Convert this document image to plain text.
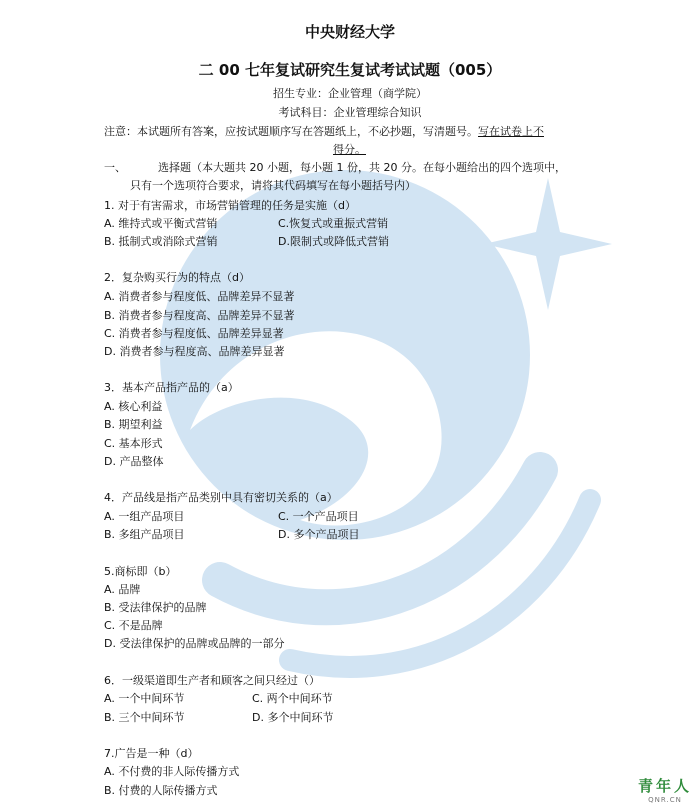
中央财经大学
二 00 七年复试研究生复试考试试题（005）
招生专业：企业管理（商学院）
考试科目：企业管理综合知识
注意：本试题所有答案，应按试题顺序写在答题纸上，不必抄题，写清题号。写在试卷上不
得分。
一、	选择题（本大题共 20 小题，每小题 1 份，共 20 分。在每小题给出的四个选项中，
只有一个选项符合要求，请将其代码填写在每小题括号内）
1. 对于有害需求，市场营销管理的任务是实施（d）
A. 维持式或平衡式营销	C.恢复式或重振式营销
B. 抵制式或消除式营销	D.限制式或降低式营销
2．复杂购买行为的特点（d）
A. 消费者参与程度低、品牌差异不显著
B. 消费者参与程度高、品牌差异不显著
C. 消费者参与程度低、品牌差异显著
D. 消费者参与程度高、品牌差异显著
3．基本产品指产品的（a）
A. 核心利益
B. 期望利益
C. 基本形式
D. 产品整体
4．产品线是指产品类别中具有密切关系的（a）
A. 一组产品项目	C. 一个产品项目
B. 多组产品项目	D. 多个产品项目
5.商标即（b）
A. 品牌
B. 受法律保护的品牌
C. 不是品牌
D. 受法律保护的品牌或品牌的一部分
6．一级渠道即生产者和顾客之间只经过（）
A. 一个中间环节	C. 两个中间环节
B. 三个中间环节	D. 多个中间环节
7.广告是一种（d）
A. 不付费的非人际传播方式
B. 付费的人际传播方式	青年人
QNR.CN
